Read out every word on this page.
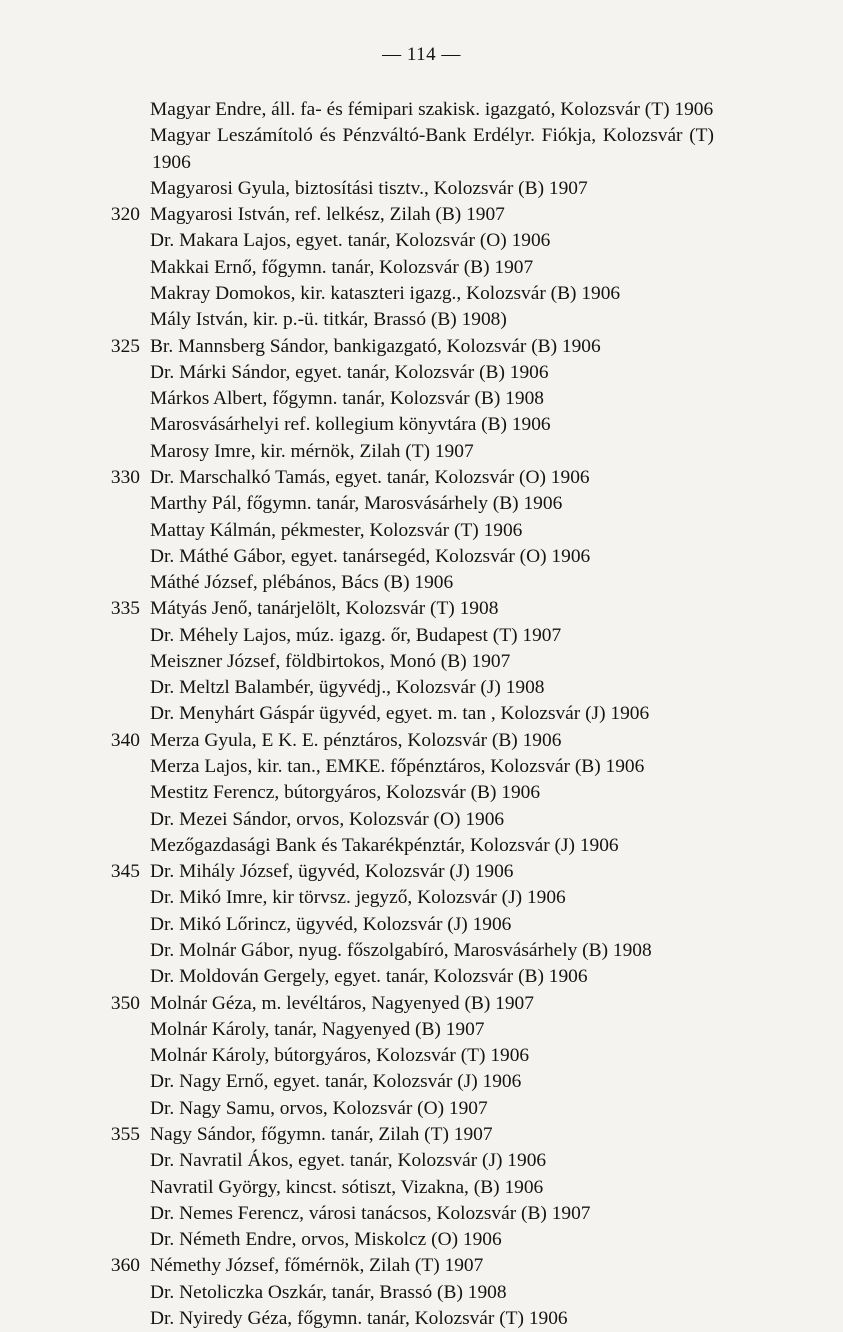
— 114 —
Magyar Endre, áll. fa- és fémipari szakisk. igazgató, Kolozsvár (T) 1906
Magyar Leszámítoló és Pénzváltó-Bank Erdélyr. Fiókja, Kolozsvár (T) 1906
Magyarosi Gyula, biztosítási tisztv., Kolozsvár (B) 1907
320 Magyarosi István, ref. lelkész, Zilah (B) 1907
Dr. Makara Lajos, egyet. tanár, Kolozsvár (O) 1906
Makkai Ernő, főgymn. tanár, Kolozsvár (B) 1907
Makray Domokos, kir. kataszteri igazg., Kolozsvár (B) 1906
Mály István, kir. p.-ü. titkár, Brassó (B) 1908)
325 Br. Mannsberg Sándor, bankigazgató, Kolozsvár (B) 1906
Dr. Márki Sándor, egyet. tanár, Kolozsvár (B) 1906
Márkos Albert, főgymn. tanár, Kolozsvár (B) 1908
Marosvásárhelyi ref. kollegium könyvtára (B) 1906
Marosy Imre, kir. mérnök, Zilah (T) 1907
330 Dr. Marschalkó Tamás, egyet. tanár, Kolozsvár (O) 1906
Marthy Pál, főgymn. tanár, Marosvásárhely (B) 1906
Mattay Kálmán, pékmester, Kolozsvár (T) 1906
Dr. Máthé Gábor, egyet. tanársegéd, Kolozsvár (O) 1906
Máthé József, plébános, Bács (B) 1906
335 Mátyás Jenő, tanárjelölt, Kolozsvár (T) 1908
Dr. Méhely Lajos, múz. igazg. őr, Budapest (T) 1907
Meiszner József, földbirtokos, Monó (B) 1907
Dr. Meltzl Balambér, ügyvédj., Kolozsvár (J) 1908
Dr. Menyhárt Gáspár ügyvéd, egyet. m. tan , Kolozsvár (J) 1906
340 Merza Gyula, E K. E. pénztáros, Kolozsvár (B) 1906
Merza Lajos, kir. tan., EMKE. főpénztáros, Kolozsvár (B) 1906
Mestitz Ferencz, bútorgyáros, Kolozsvár (B) 1906
Dr. Mezei Sándor, orvos, Kolozsvár (O) 1906
Mezőgazdasági Bank és Takarékpénztár, Kolozsvár (J) 1906
345 Dr. Mihály József, ügyvéd, Kolozsvár (J) 1906
Dr. Mikó Imre, kir törvsz. jegyző, Kolozsvár (J) 1906
Dr. Mikó Lőrincz, ügyvéd, Kolozsvár (J) 1906
Dr. Molnár Gábor, nyug. főszolgabíró, Marosvásárhely (B) 1908
Dr. Moldován Gergely, egyet. tanár, Kolozsvár (B) 1906
350 Molnár Géza, m. levéltáros, Nagyenyed (B) 1907
Molnár Károly, tanár, Nagyenyed (B) 1907
Molnár Károly, bútorgyáros, Kolozsvár (T) 1906
Dr. Nagy Ernő, egyet. tanár, Kolozsvár (J) 1906
Dr. Nagy Samu, orvos, Kolozsvár (O) 1907
355 Nagy Sándor, főgymn. tanár, Zilah (T) 1907
Dr. Navratil Ákos, egyet. tanár, Kolozsvár (J) 1906
Navratil György, kincst. sótiszt, Vizakna, (B) 1906
Dr. Nemes Ferencz, városi tanácsos, Kolozsvár (B) 1907
Dr. Németh Endre, orvos, Miskolcz (O) 1906
360 Némethy József, főmérnök, Zilah (T) 1907
Dr. Netoliczka Oszkár, tanár, Brassó (B) 1908
Dr. Nyiredy Géza, főgymn. tanár, Kolozsvár (T) 1906
